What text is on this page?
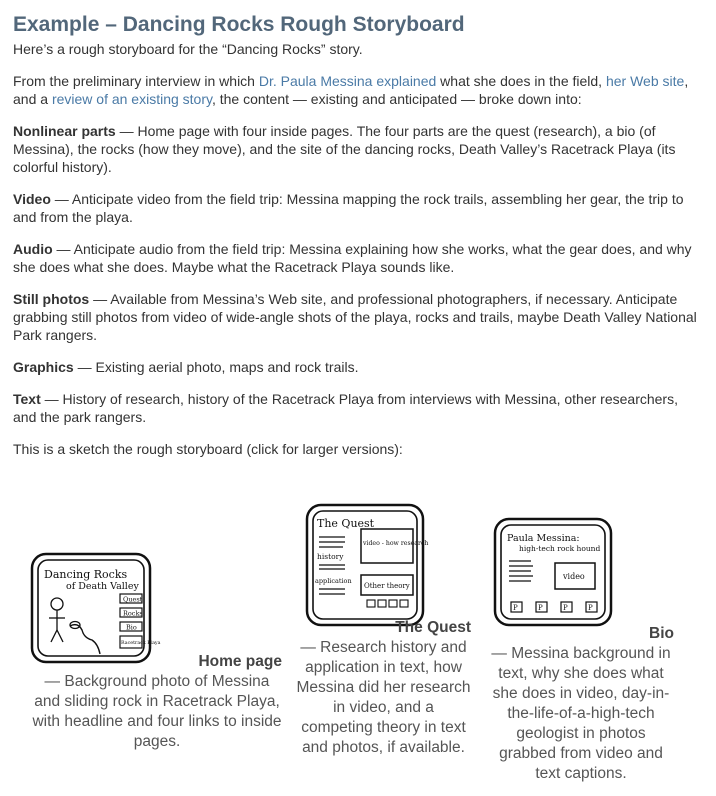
Example – Dancing Rocks Rough Storyboard

Here’s a rough storyboard for the “Dancing Rocks” story.

From the preliminary interview in which Dr. Paula Messina explained what she does in the field, her Web site, and a review of an existing story, the content — existing and anticipated — broke down into:

Nonlinear parts — Home page with four inside pages. The four parts are the quest (research), a bio (of Messina), the rocks (how they move), and the site of the dancing rocks, Death Valley’s Racetrack Playa (its colorful history).

Video — Anticipate video from the field trip: Messina mapping the rock trails, assembling her gear, the trip to and from the playa.

Audio — Anticipate audio from the field trip: Messina explaining how she works, what the gear does, and why she does what she does. Maybe what the Racetrack Playa sounds like.

Still photos — Available from Messina’s Web site, and professional photographers, if necessary. Anticipate grabbing still photos from video of wide-angle shots of the playa, rocks and trails, maybe Death Valley National Park rangers.

Graphics — Existing aerial photo, maps and rock trails.

Text — History of research, history of the Racetrack Playa from interviews with Messina, other researchers, and the park rangers.

This is a sketch the rough storyboard (click for larger versions):

Dancing Rocks
of Death Valley
Quest
Rocks
Bio
Racetrack Playa
Home page
— Background photo of Messina and sliding rock in Racetrack Playa, with headline and four links to inside pages.
The Quest
history
application
video - how research
Other theory
The Quest
— Research history and application in text, how Messina did her research in video, and a competing theory in text and photos, if available.
Paula Messina:
high-tech rock hound
video
P	P	P	P
Bio
— Messina background in text, why she does what she does in video, day-in-the-life-of-a-high-tech geologist in photos grabbed from video and text captions.
